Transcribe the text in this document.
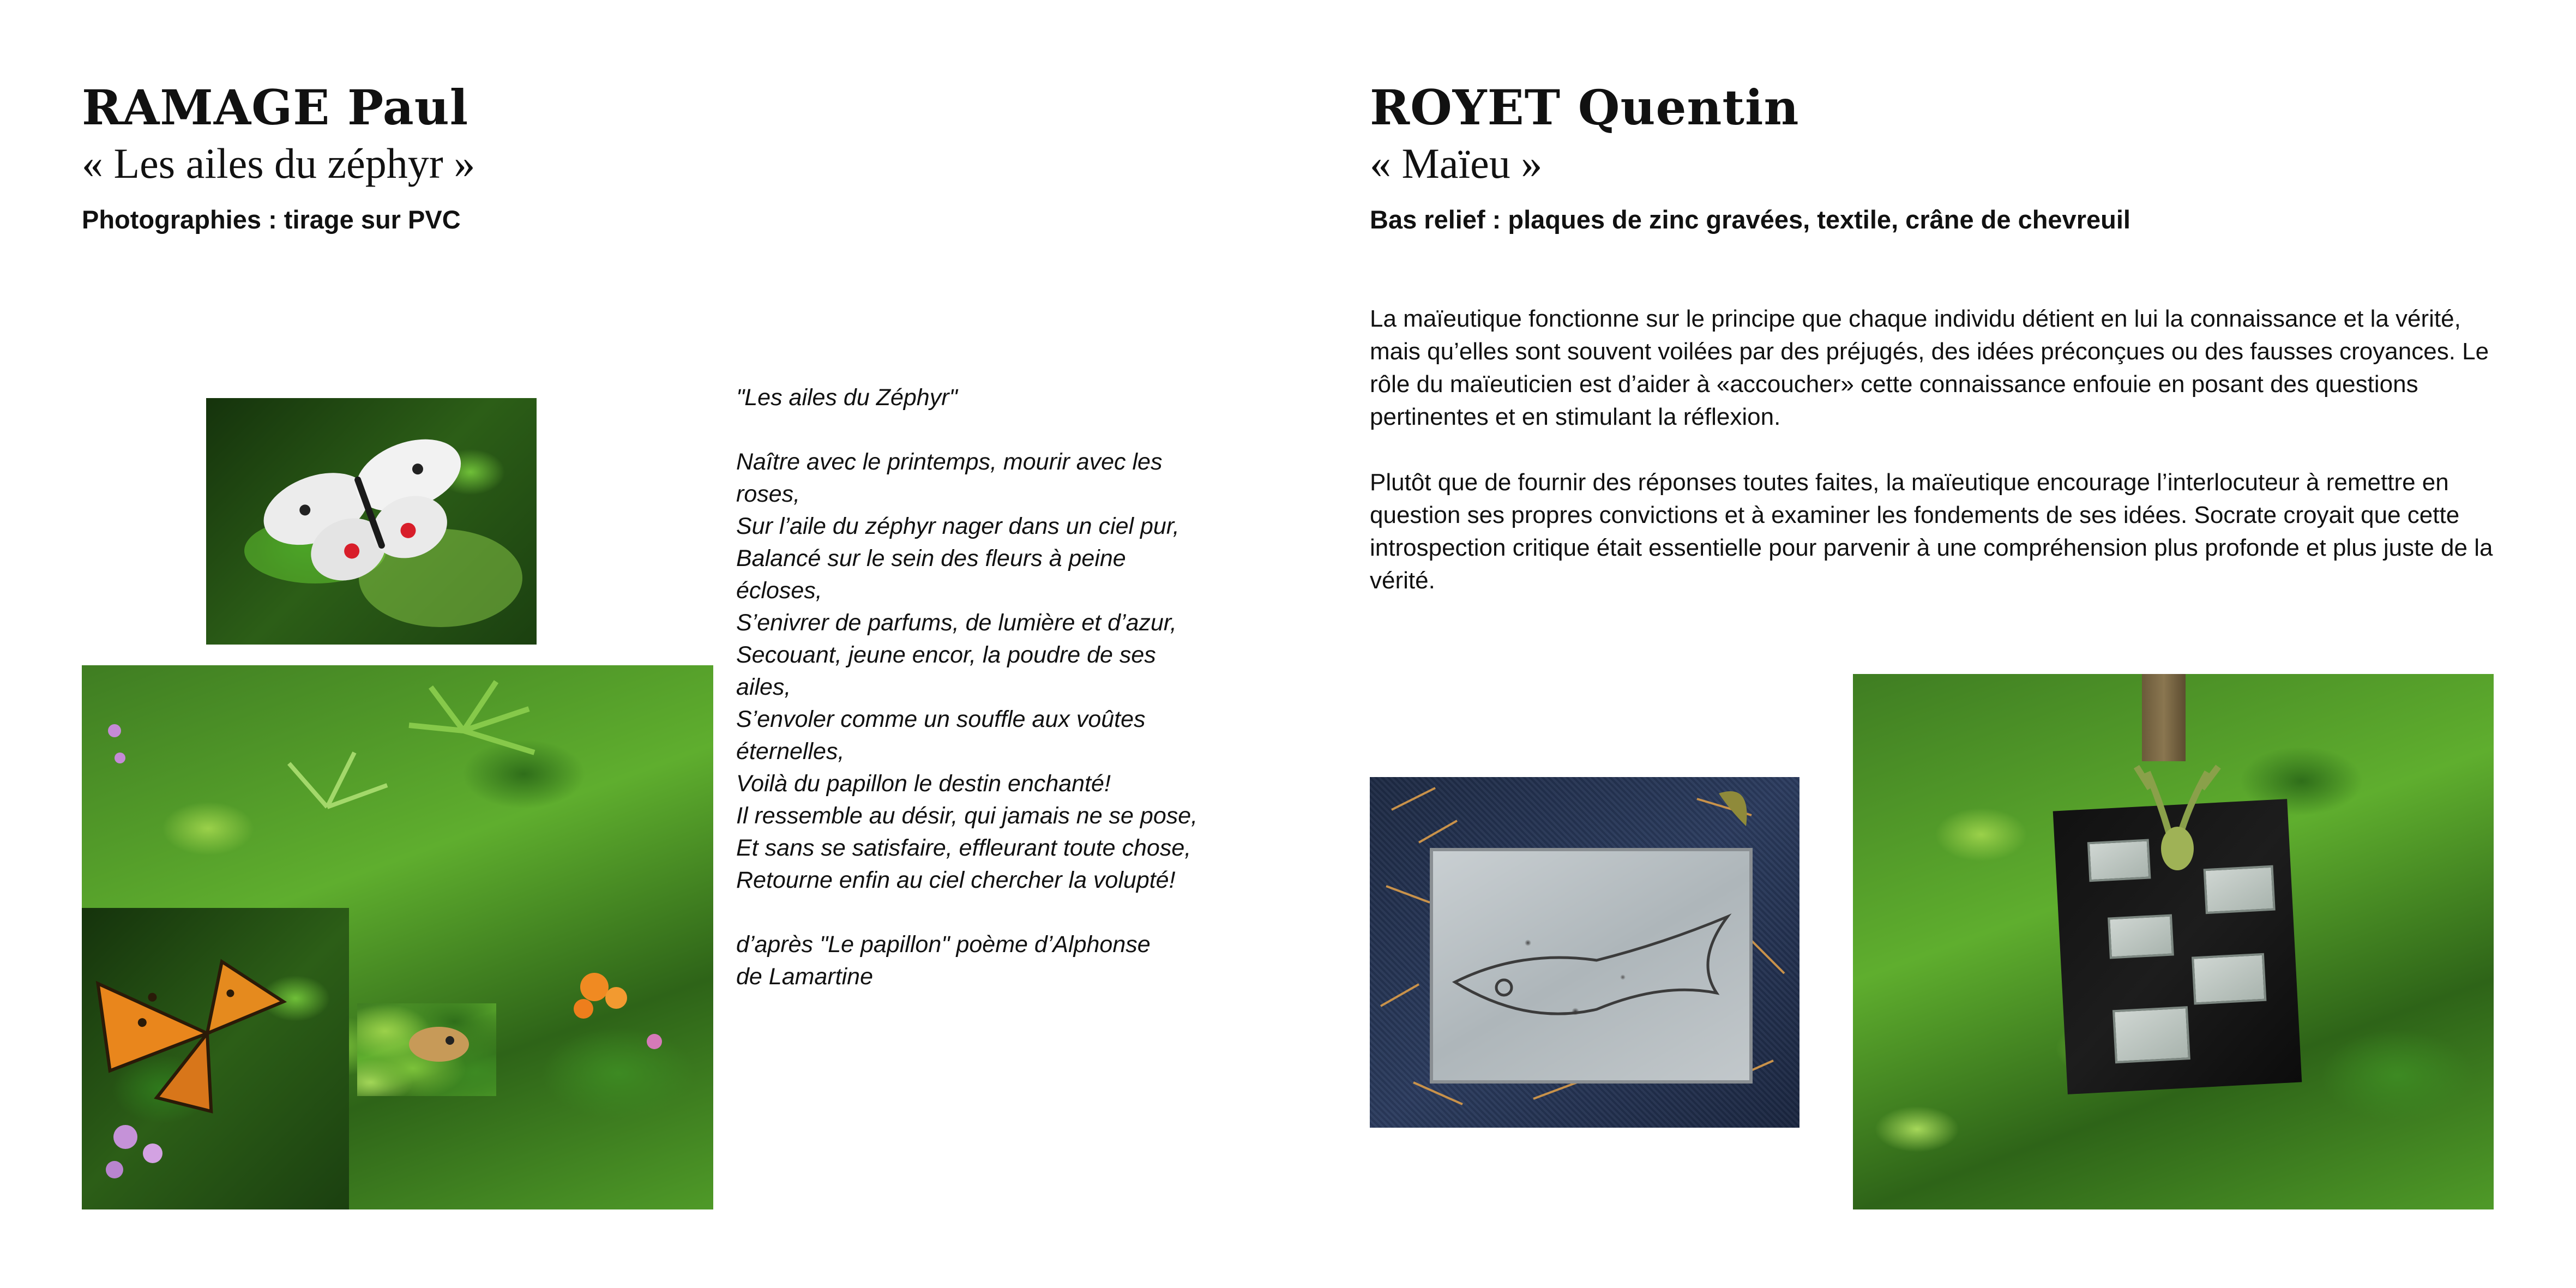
RAMAGE Paul
« Les ailes du zéphyr »
Photographies : tirage sur PVC

"Les ailes du Zéphyr"

Naître avec le printemps, mourir avec les

roses,

Sur l’aile du zéphyr nager dans un ciel pur,

Balancé sur le sein des fleurs à peine

écloses,

S’enivrer de parfums, de lumière et d’azur,

Secouant, jeune encor, la poudre de ses

ailes,

S’envoler comme un souffle aux voûtes

éternelles,

Voilà du papillon le destin enchanté!

Il ressemble au désir, qui jamais ne se pose,

Et sans se satisfaire, effleurant toute chose,

Retourne enfin au ciel chercher la volupté!

d’après "Le papillon" poème d’Alphonse

de Lamartine

ROYET Quentin
« Maïeu »
Bas relief : plaques de zinc gravées, textile, crâne de chevreuil

La maïeutique fonctionne sur le principe que chaque individu détient en lui la connaissance et la vérité, mais qu’elles sont souvent voilées par des préjugés, des idées préconçues ou des fausses croyances. Le rôle du maïeuticien est d’aider à «accoucher» cette connaissance enfouie en posant des questions pertinentes et en stimulant la réflexion.

Plutôt que de fournir des réponses toutes faites, la maïeutique encourage l’interlocuteur à remettre en question ses propres convictions et à examiner les fondements de ses idées. Socrate croyait que cette introspection critique était essentielle pour parvenir à une compréhension plus profonde et plus juste de la vérité.
